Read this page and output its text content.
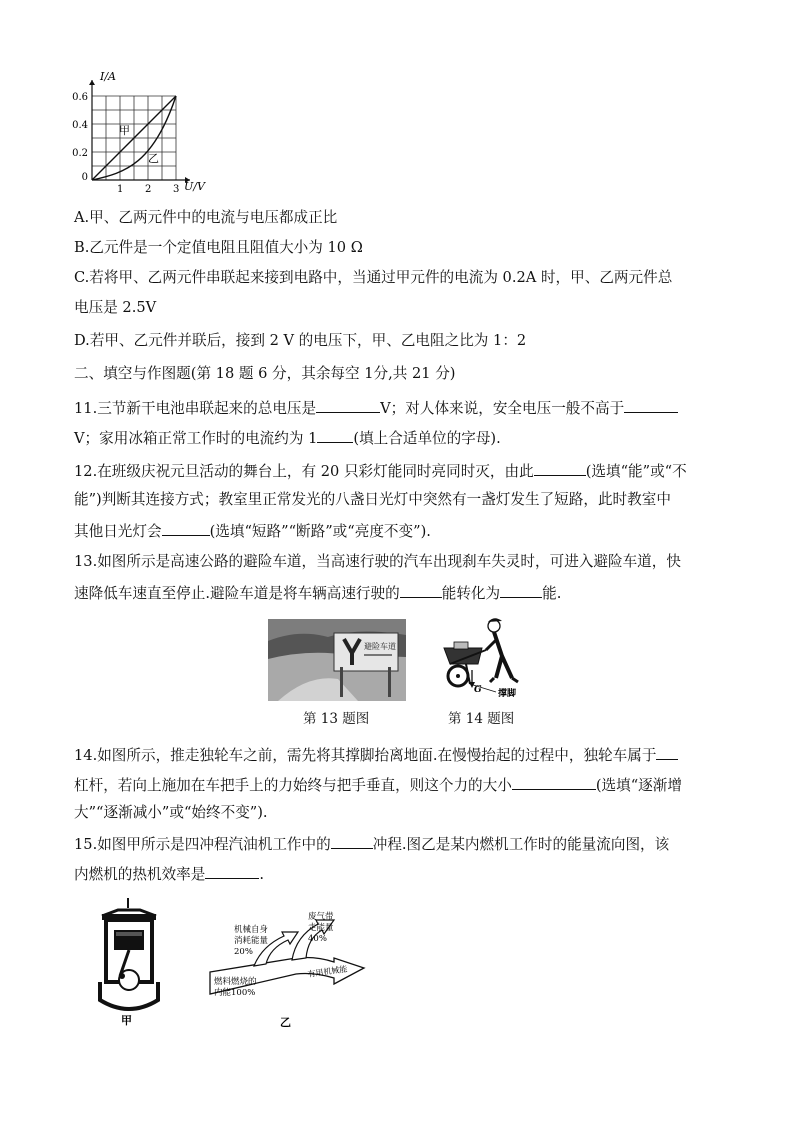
1 2 3
0
0.2
0.4
0.6
I/A
U/V
甲
乙
A.甲、乙两元件中的电流与电压都成正比
B.乙元件是一个定值电阻且阻值大小为 10 Ω
C.若将甲、乙两元件串联起来接到电路中，当通过甲元件的电流为 0.2A 时，甲、乙两元件总
电压是 2.5V
D.若甲、乙元件并联后，接到 2 V 的电压下，甲、乙电阻之比为 1：2
二、填空与作图题(第 18 题 6 分，其余每空 1分,共 21 分)
11.三节新干电池串联起来的总电压是	V；对人体来说，安全电压一般不高于
V；家用冰箱正常工作时的电流约为 1 (填上合适单位的字母).
12.在班级庆祝元旦活动的舞台上，有 20 只彩灯能同时亮同时灭，由此	(选填“能”或“不
能”)判断其连接方式；教室里正常发光的八盏日光灯中突然有一盏灯发生了短路，此时教室中
其他日光灯会	(选填“短路”“断路”或“亮度不变”).
13.如图所示是高速公路的避险车道，当高速行驶的汽车出现刹车失灵时，可进入避险车道，快
速降低车速直至停止.避险车道是将车辆高速行驶的	能转化为	能.
避险车道
第 13 题图
G 撑脚
第 14 题图
14.如图所示，推走独轮车之前，需先将其撑脚抬离地面.在慢慢抬起的过程中，独轮车属于
杠杆，若向上施加在车把手上的力始终与把手垂直，则这个力的大小	(选填“逐渐增
大”“逐渐减小”或“始终不变”).
15.如图甲所示是四冲程汽油机工作中的	冲程.图乙是某内燃机工作时的能量流向图，该
内燃机的热机效率是	.
甲
机械自身
消耗能量
20%
废气带
走能量
40%
燃料燃烧的
内能100%
有用机械能
乙
